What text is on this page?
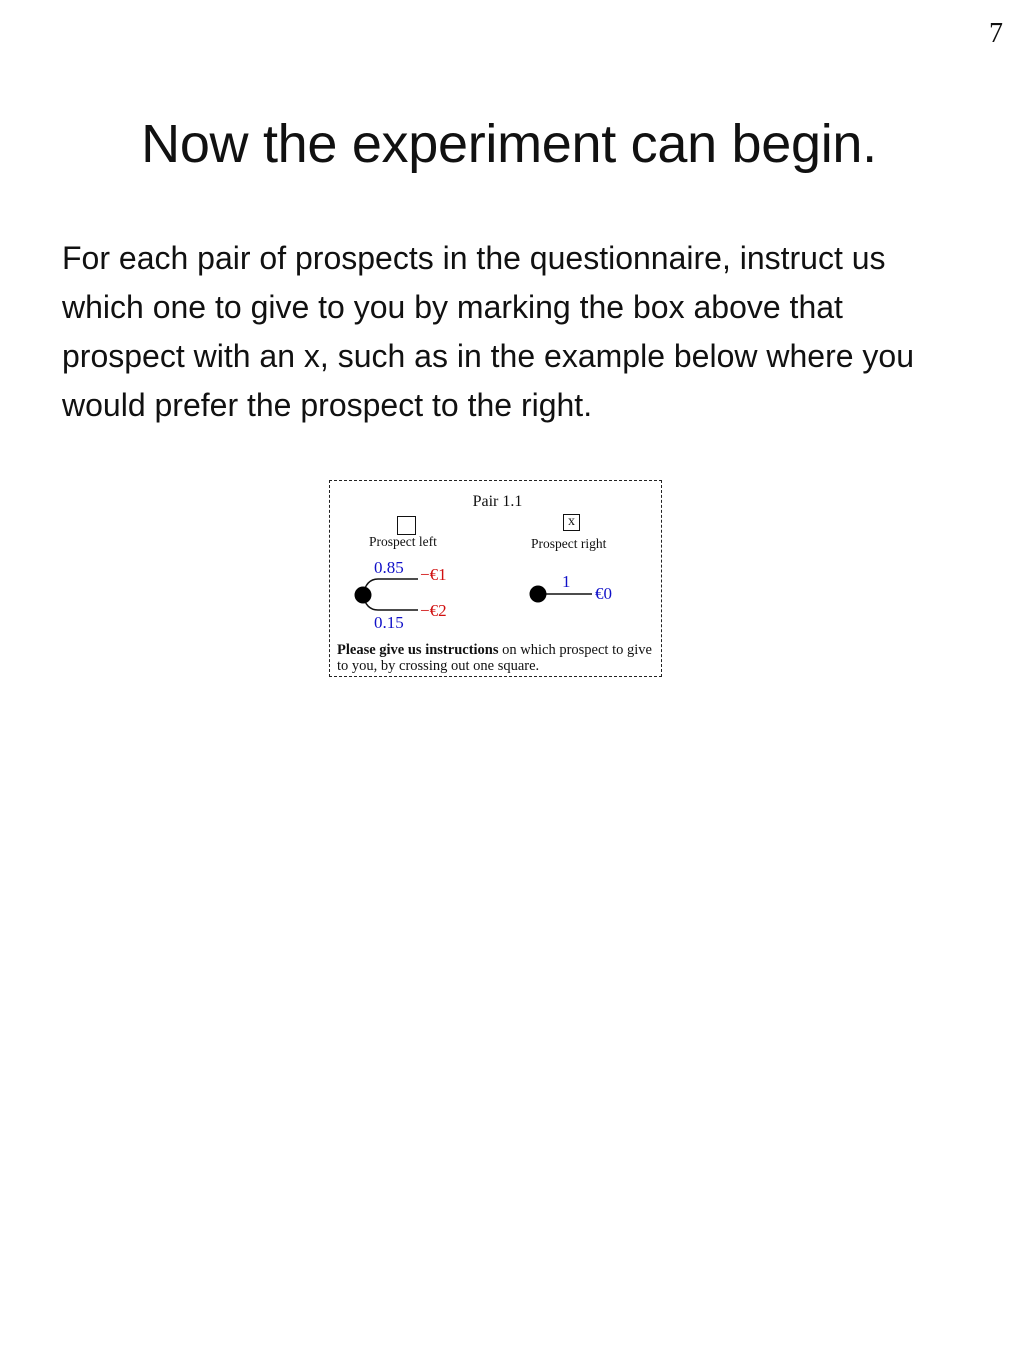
7
Now the experiment can begin.

For each pair of prospects in the questionnaire, instruct us which one to give to you by marking the box above that prospect with an x, such as in the example below where you would prefer the prospect to the right.

Pair 1.1
Prospect left
x
Prospect right
0.85 −€1
0.15
−€2
1
€0
Please give us instructions on which prospect to give to you, by crossing out one square.
